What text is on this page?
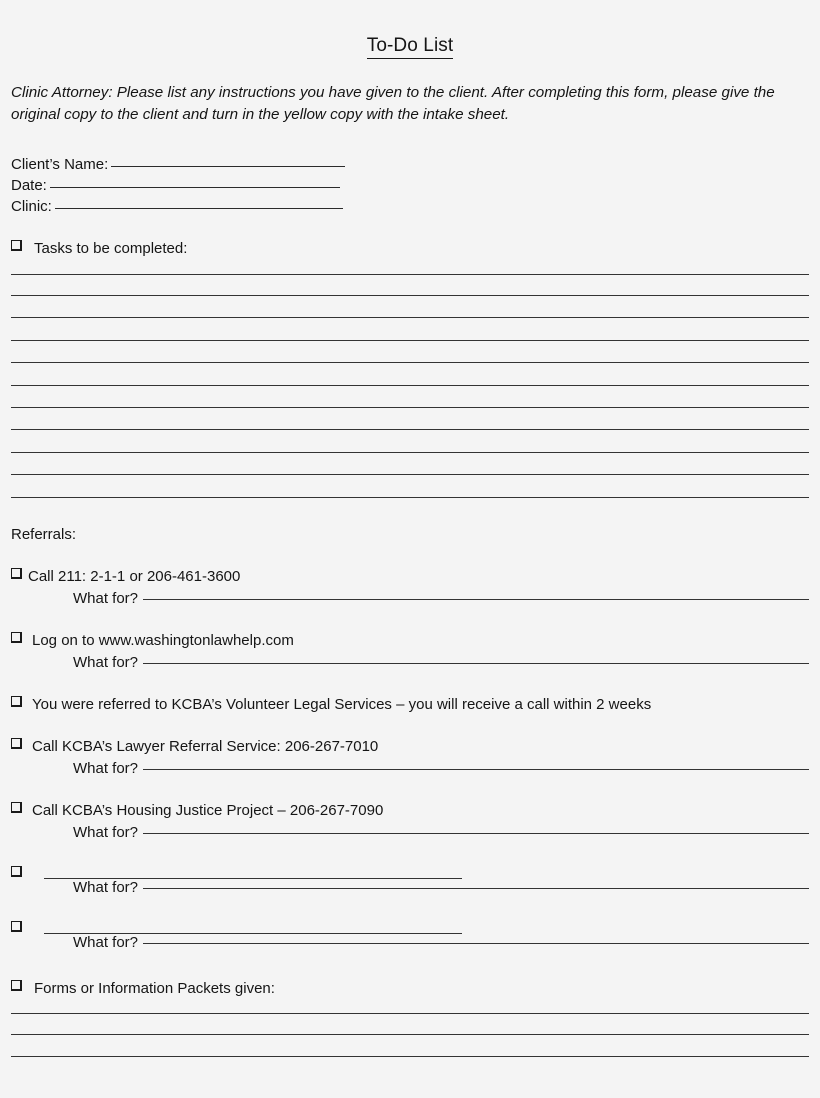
To-Do List

Clinic Attorney: Please list any instructions you have given to the client. After completing this form, please give the original copy to the client and turn in the yellow copy with the intake sheet.

Client’s Name:
Date:
Clinic:
Tasks to be completed:
Referrals:
Call 211: 2-1-1 or 206-461-3600
What for?
Log on to www.washingtonlawhelp.com
What for?
You were referred to KCBA’s Volunteer Legal Services – you will receive a call within 2 weeks
Call KCBA’s Lawyer Referral Service: 206-267-7010
What for?
Call KCBA’s Housing Justice Project – 206-267-7090
What for?
What for?
What for?
Forms or Information Packets given:
